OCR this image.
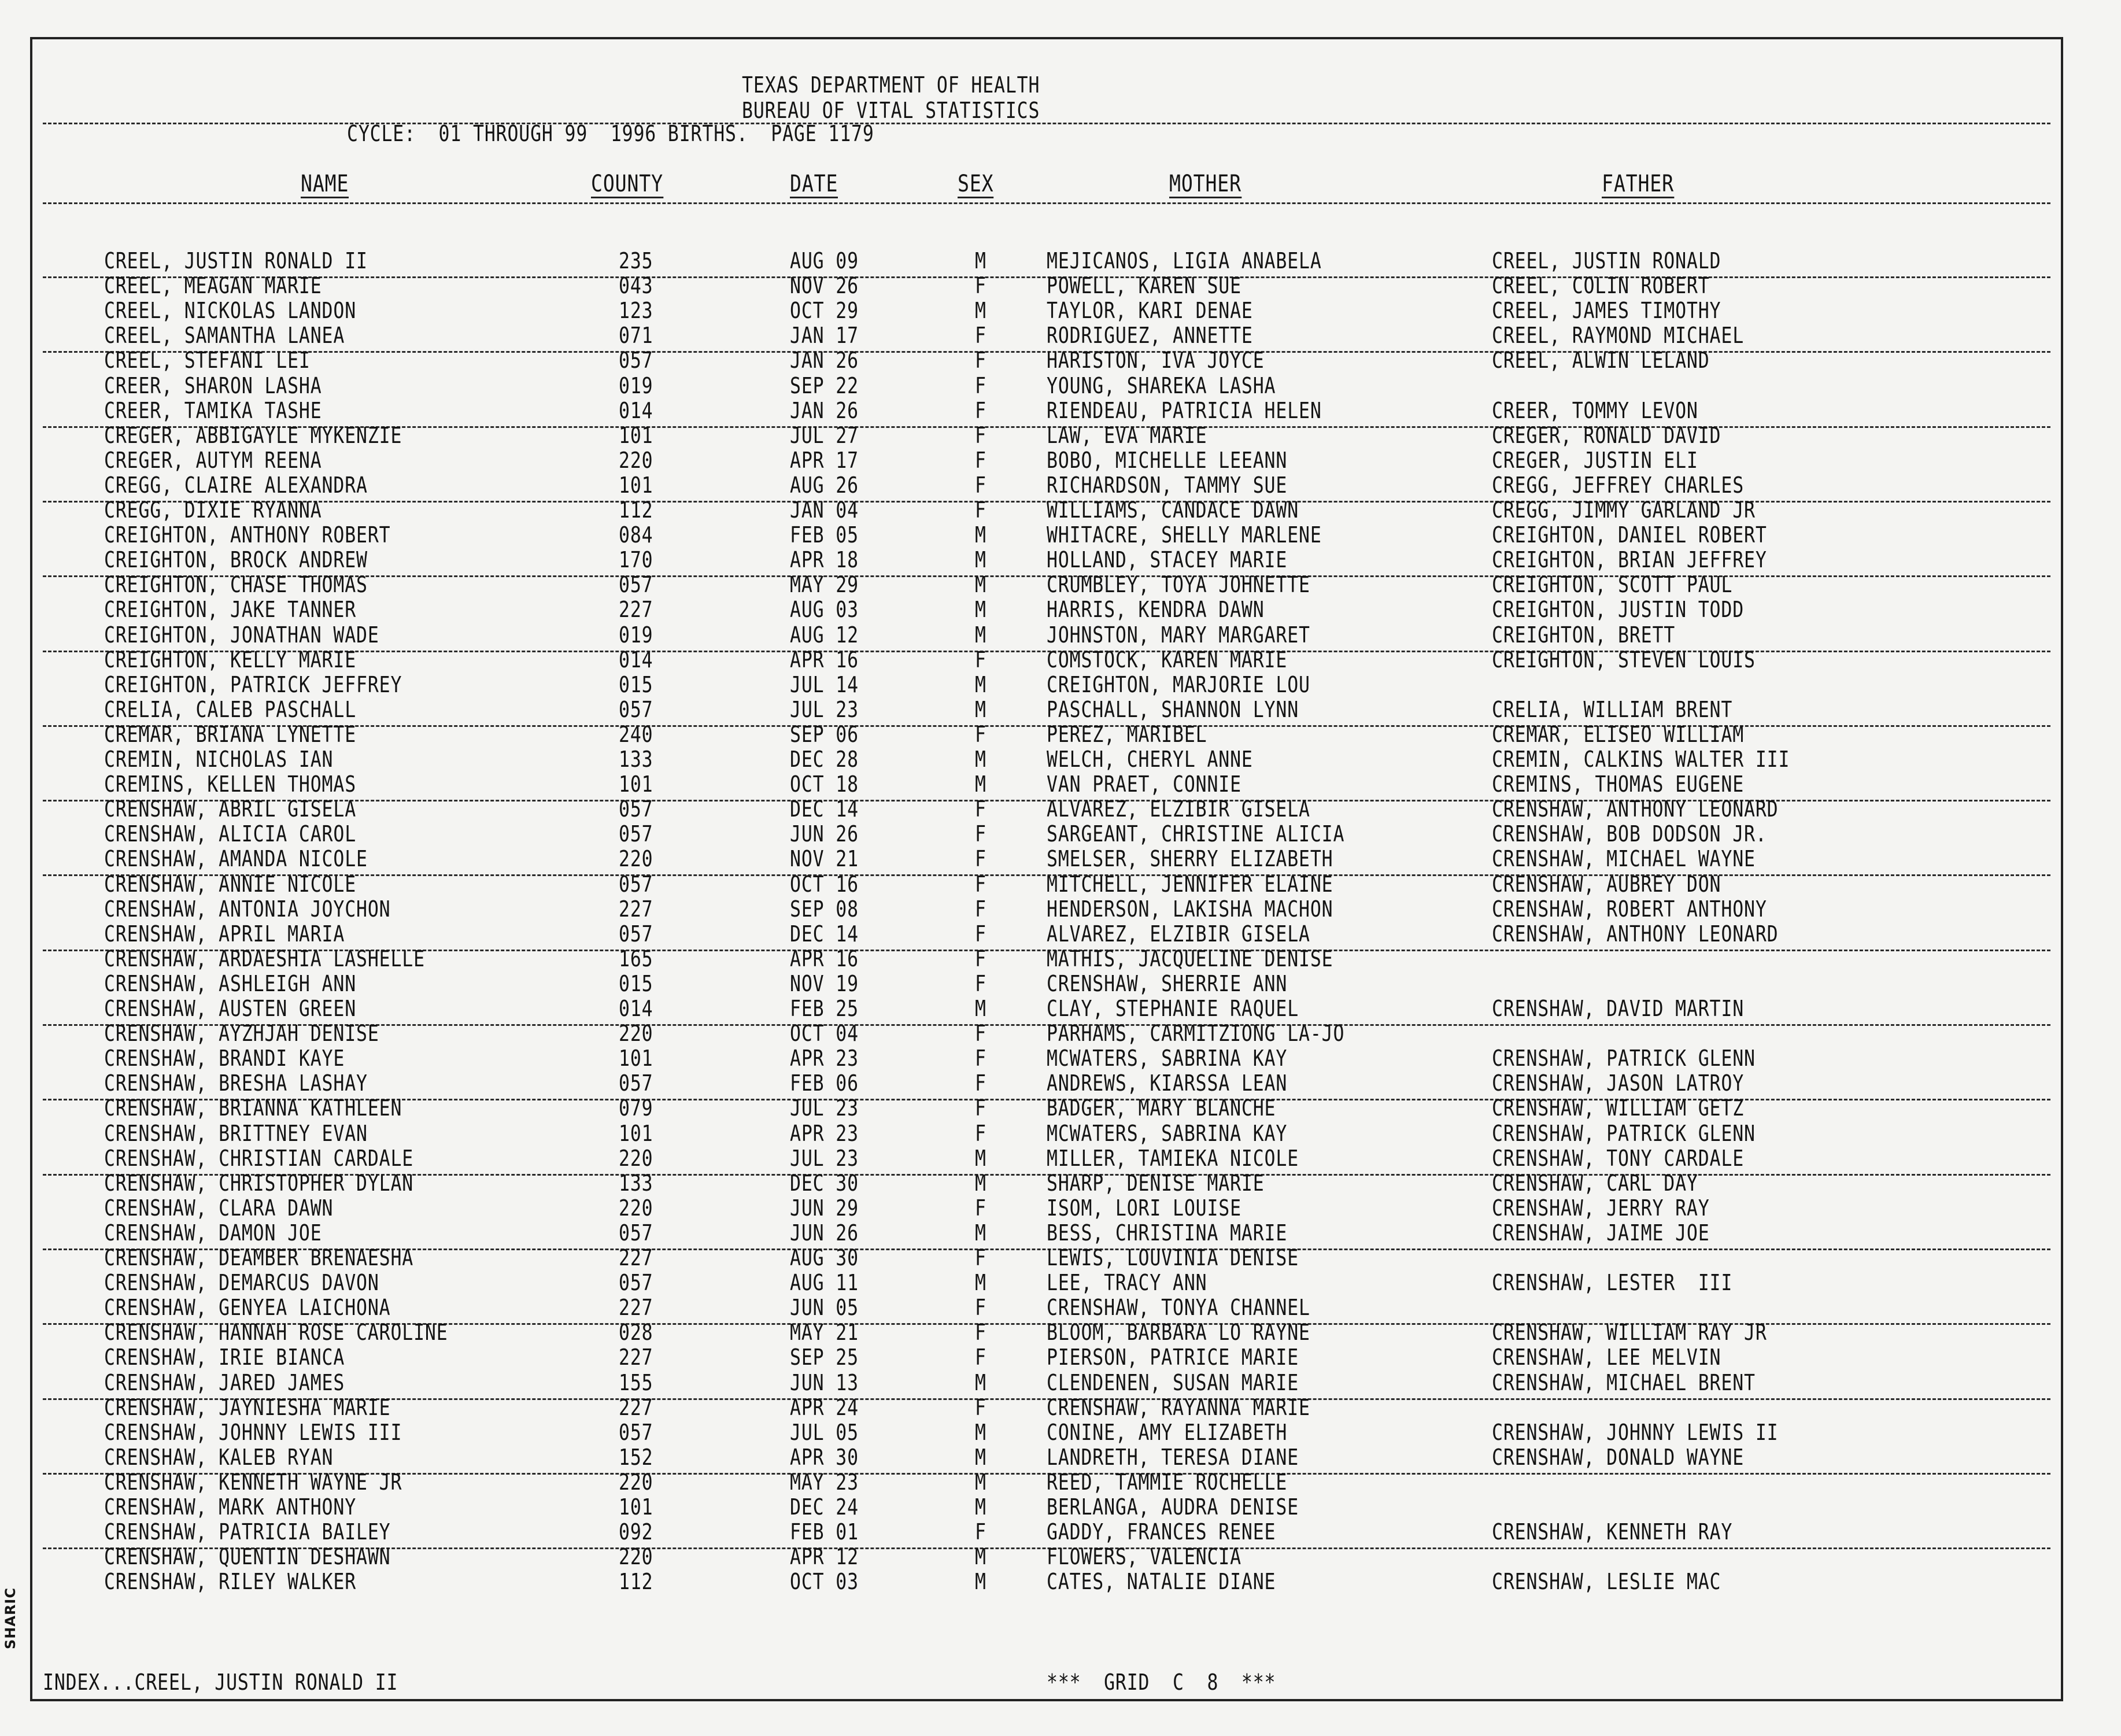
SHARIC
TEXAS DEPARTMENT OF HEALTH
BUREAU OF VITAL STATISTICS
CYCLE:  01 THROUGH 99  1996 BIRTHS.  PAGE 1179
NAME	COUNTY	DATE	SEX	MOTHER	FATHER
CREEL, JUSTIN RONALD II	235	AUG 09	M	MEJICANOS, LIGIA ANABELA	CREEL, JUSTIN RONALD
CREEL, MEAGAN MARIE	043	NOV 26	F	POWELL, KAREN SUE	CREEL, COLIN ROBERT
CREEL, NICKOLAS LANDON	123	OCT 29	M	TAYLOR, KARI DENAE	CREEL, JAMES TIMOTHY
CREEL, SAMANTHA LANEA	071	JAN 17	F	RODRIGUEZ, ANNETTE	CREEL, RAYMOND MICHAEL
CREEL, STEFANI LEI	057	JAN 26	F	HARISTON, IVA JOYCE	CREEL, ALWIN LELAND
CREER, SHARON LASHA	019	SEP 22	F	YOUNG, SHAREKA LASHA
CREER, TAMIKA TASHE	014	JAN 26	F	RIENDEAU, PATRICIA HELEN	CREER, TOMMY LEVON
CREGER, ABBIGAYLE MYKENZIE	101	JUL 27	F	LAW, EVA MARIE	CREGER, RONALD DAVID
CREGER, AUTYM REENA	220	APR 17	F	BOBO, MICHELLE LEEANN	CREGER, JUSTIN ELI
CREGG, CLAIRE ALEXANDRA	101	AUG 26	F	RICHARDSON, TAMMY SUE	CREGG, JEFFREY CHARLES
CREGG, DIXIE RYANNA	112	JAN 04	F	WILLIAMS, CANDACE DAWN	CREGG, JIMMY GARLAND JR
CREIGHTON, ANTHONY ROBERT	084	FEB 05	M	WHITACRE, SHELLY MARLENE	CREIGHTON, DANIEL ROBERT
CREIGHTON, BROCK ANDREW	170	APR 18	M	HOLLAND, STACEY MARIE	CREIGHTON, BRIAN JEFFREY
CREIGHTON, CHASE THOMAS	057	MAY 29	M	CRUMBLEY, TOYA JOHNETTE	CREIGHTON, SCOTT PAUL
CREIGHTON, JAKE TANNER	227	AUG 03	M	HARRIS, KENDRA DAWN	CREIGHTON, JUSTIN TODD
CREIGHTON, JONATHAN WADE	019	AUG 12	M	JOHNSTON, MARY MARGARET	CREIGHTON, BRETT
CREIGHTON, KELLY MARIE	014	APR 16	F	COMSTOCK, KAREN MARIE	CREIGHTON, STEVEN LOUIS
CREIGHTON, PATRICK JEFFREY	015	JUL 14	M	CREIGHTON, MARJORIE LOU
CRELIA, CALEB PASCHALL	057	JUL 23	M	PASCHALL, SHANNON LYNN	CRELIA, WILLIAM BRENT
CREMAR, BRIANA LYNETTE	240	SEP 06	F	PEREZ, MARIBEL	CREMAR, ELISEO WILLIAM
CREMIN, NICHOLAS IAN	133	DEC 28	M	WELCH, CHERYL ANNE	CREMIN, CALKINS WALTER III
CREMINS, KELLEN THOMAS	101	OCT 18	M	VAN PRAET, CONNIE	CREMINS, THOMAS EUGENE
CRENSHAW, ABRIL GISELA	057	DEC 14	F	ALVAREZ, ELZIBIR GISELA	CRENSHAW, ANTHONY LEONARD
CRENSHAW, ALICIA CAROL	057	JUN 26	F	SARGEANT, CHRISTINE ALICIA	CRENSHAW, BOB DODSON JR.
CRENSHAW, AMANDA NICOLE	220	NOV 21	F	SMELSER, SHERRY ELIZABETH	CRENSHAW, MICHAEL WAYNE
CRENSHAW, ANNIE NICOLE	057	OCT 16	F	MITCHELL, JENNIFER ELAINE	CRENSHAW, AUBREY DON
CRENSHAW, ANTONIA JOYCHON	227	SEP 08	F	HENDERSON, LAKISHA MACHON	CRENSHAW, ROBERT ANTHONY
CRENSHAW, APRIL MARIA	057	DEC 14	F	ALVAREZ, ELZIBIR GISELA	CRENSHAW, ANTHONY LEONARD
CRENSHAW, ARDAESHIA LASHELLE	165	APR 16	F	MATHIS, JACQUELINE DENISE
CRENSHAW, ASHLEIGH ANN	015	NOV 19	F	CRENSHAW, SHERRIE ANN
CRENSHAW, AUSTEN GREEN	014	FEB 25	M	CLAY, STEPHANIE RAQUEL	CRENSHAW, DAVID MARTIN
CRENSHAW, AYZHJAH DENISE	220	OCT 04	F	PARHAMS, CARMITZIONG LA-JO
CRENSHAW, BRANDI KAYE	101	APR 23	F	MCWATERS, SABRINA KAY	CRENSHAW, PATRICK GLENN
CRENSHAW, BRESHA LASHAY	057	FEB 06	F	ANDREWS, KIARSSA LEAN	CRENSHAW, JASON LATROY
CRENSHAW, BRIANNA KATHLEEN	079	JUL 23	F	BADGER, MARY BLANCHE	CRENSHAW, WILLIAM GETZ
CRENSHAW, BRITTNEY EVAN	101	APR 23	F	MCWATERS, SABRINA KAY	CRENSHAW, PATRICK GLENN
CRENSHAW, CHRISTIAN CARDALE	220	JUL 23	M	MILLER, TAMIEKA NICOLE	CRENSHAW, TONY CARDALE
CRENSHAW, CHRISTOPHER DYLAN	133	DEC 30	M	SHARP, DENISE MARIE	CRENSHAW, CARL DAY
CRENSHAW, CLARA DAWN	220	JUN 29	F	ISOM, LORI LOUISE	CRENSHAW, JERRY RAY
CRENSHAW, DAMON JOE	057	JUN 26	M	BESS, CHRISTINA MARIE	CRENSHAW, JAIME JOE
CRENSHAW, DEAMBER BRENAESHA	227	AUG 30	F	LEWIS, LOUVINIA DENISE
CRENSHAW, DEMARCUS DAVON	057	AUG 11	M	LEE, TRACY ANN	CRENSHAW, LESTER  III
CRENSHAW, GENYEA LAICHONA	227	JUN 05	F	CRENSHAW, TONYA CHANNEL
CRENSHAW, HANNAH ROSE CAROLINE	028	MAY 21	F	BLOOM, BARBARA LO RAYNE	CRENSHAW, WILLIAM RAY JR
CRENSHAW, IRIE BIANCA	227	SEP 25	F	PIERSON, PATRICE MARIE	CRENSHAW, LEE MELVIN
CRENSHAW, JARED JAMES	155	JUN 13	M	CLENDENEN, SUSAN MARIE	CRENSHAW, MICHAEL BRENT
CRENSHAW, JAYNIESHA MARIE	227	APR 24	F	CRENSHAW, RAYANNA MARIE
CRENSHAW, JOHNNY LEWIS III	057	JUL 05	M	CONINE, AMY ELIZABETH	CRENSHAW, JOHNNY LEWIS II
CRENSHAW, KALEB RYAN	152	APR 30	M	LANDRETH, TERESA DIANE	CRENSHAW, DONALD WAYNE
CRENSHAW, KENNETH WAYNE JR	220	MAY 23	M	REED, TAMMIE ROCHELLE
CRENSHAW, MARK ANTHONY	101	DEC 24	M	BERLANGA, AUDRA DENISE
CRENSHAW, PATRICIA BAILEY	092	FEB 01	F	GADDY, FRANCES RENEE	CRENSHAW, KENNETH RAY
CRENSHAW, QUENTIN DESHAWN	220	APR 12	M	FLOWERS, VALENCIA
CRENSHAW, RILEY WALKER	112	OCT 03	M	CATES, NATALIE DIANE	CRENSHAW, LESLIE MAC
INDEX...CREEL, JUSTIN RONALD II	***  GRID  C  8  ***
